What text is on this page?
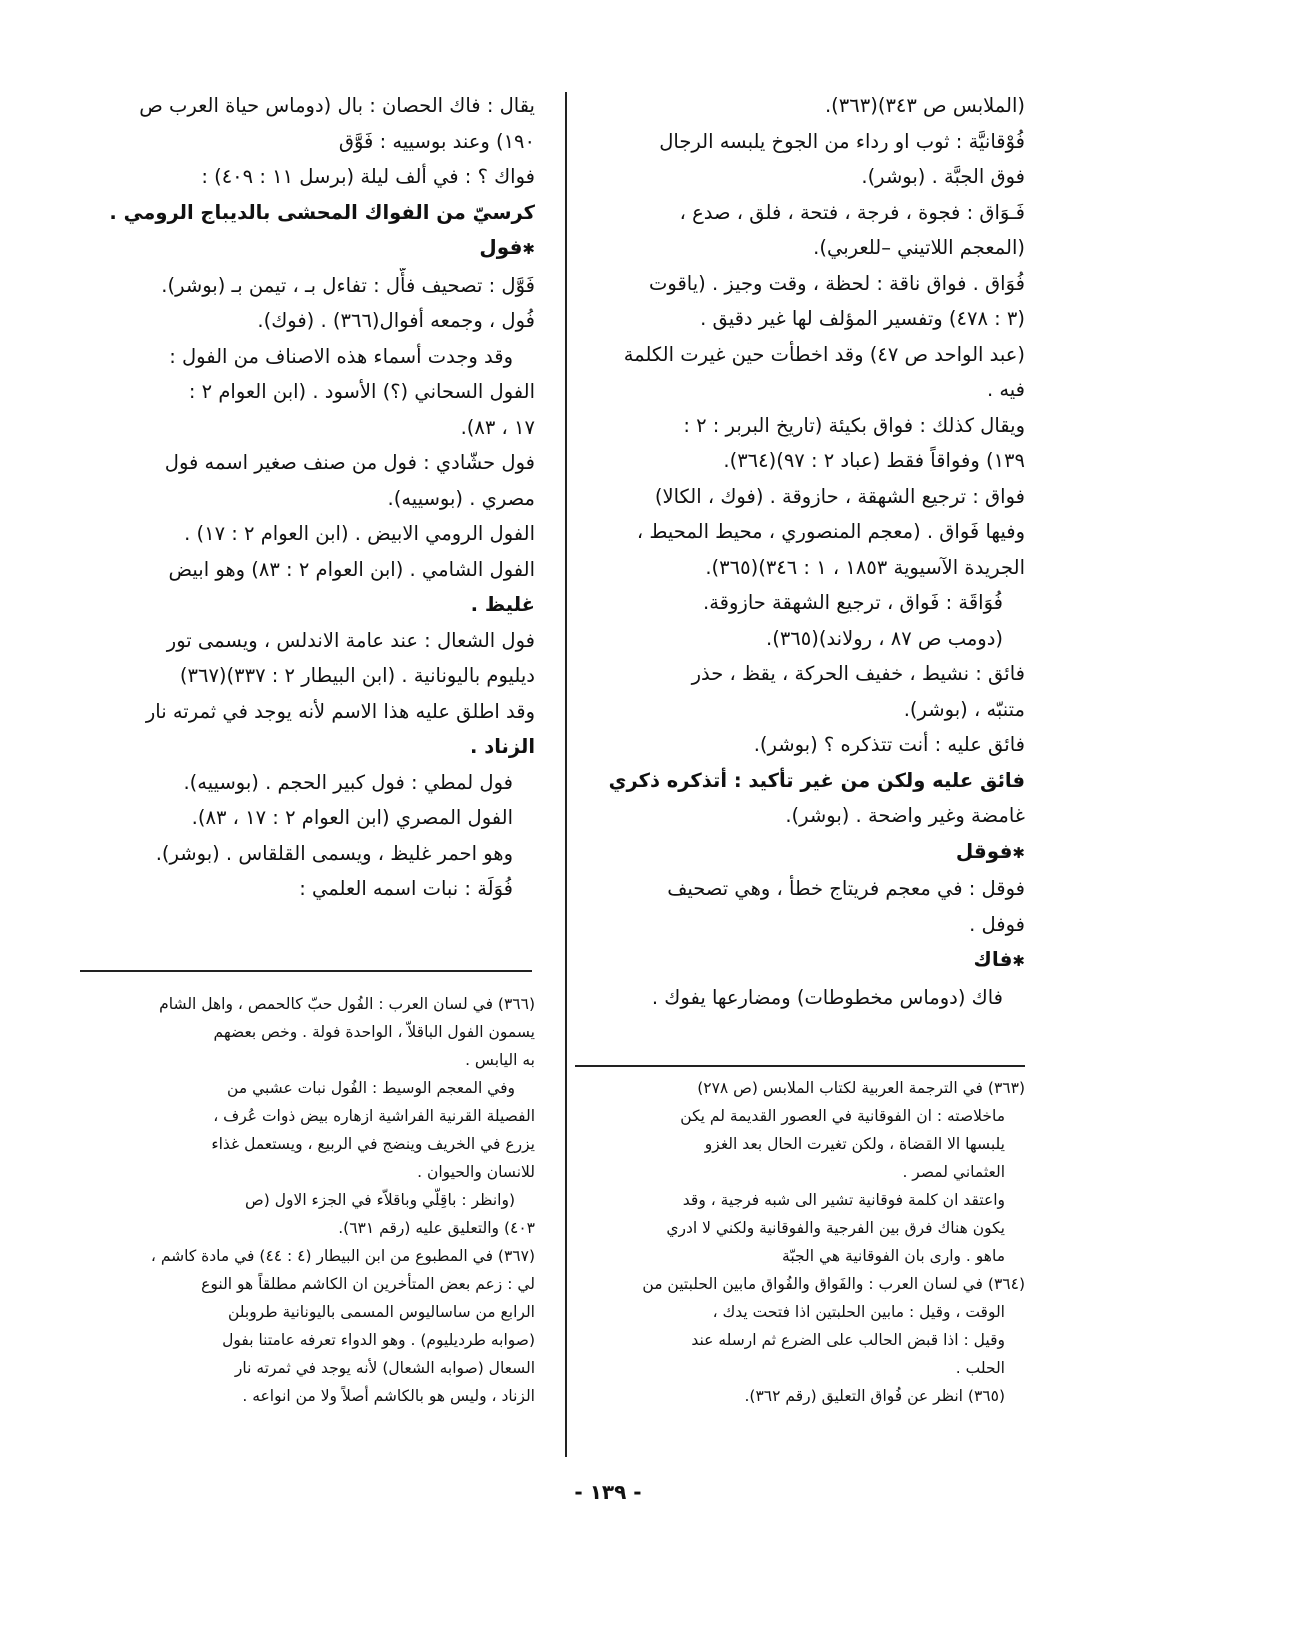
(الملابس ص ٣٤٣)(٣٦٣).
فُوْقانيَّة : ثوب او رداء من الجوخ يلبسه الرجال
فوق الجبَّة . (بوشر).
فَـوَاق : فجوة ، فرجة ، فتحة ، فلق ، صدع ،
(المعجم اللاتيني –للعربي).
فُوَاق . فواق ناقة : لحظة ، وقت وجيز . (ياقوت
(٣ : ٤٧٨) وتفسير المؤلف لها غير دقيق .
(عبد الواحد ص ٤٧) وقد اخطأت حين غيرت الكلمة
فيه .
ويقال كذلك : فواق بكيئة (تاريخ البربر : ٢ :
١٣٩) وفواقاً فقط (عباد ٢ : ٩٧)(٣٦٤).
فواق : ترجيع الشهقة ، حازوقة . (فوك ، الكالا)
وفيها فَواق . (معجم المنصوري ، محيط المحيط ،
الجريدة الآسيوية ١٨٥٣ ، ١ : ٣٤٦)(٣٦٥).
فُوَاقَة : فَواق ، ترجيع الشهقة حازوقة.
(دومب ص ٨٧ ، رولاند)(٣٦٥).
فائق : نشيط ، خفيف الحركة ، يقظ ، حذر
متنبّه ، (بوشر).
فائق عليه : أنت تتذكره ؟ (بوشر).
فائق عليه ولكن من غير تأكيد : أتذكره ذكري
غامضة وغير واضحة . (بوشر).
✱ فوقل
فوقل : في معجم فريتاج خطأ ، وهي تصحيف
فوفل .
✱ فاك
فاك (دوماس مخطوطات) ومضارعها يفوك .
يقال : فاك الحصان : بال (دوماس حياة العرب ص
١٩٠) وعند بوسييه : فَوَّق
فواك ؟ : في ألف ليلة (برسل ١١ : ٤٠٩) :
كرسيّ من الفواك المحشى بالديباج الرومي .
✱ فول
فَوَّل : تصحيف فأّل : تفاءل بـ ، تيمن بـ (بوشر).
فُول ، وجمعه أفوال(٣٦٦) . (فوك).
وقد وجدت أسماء هذه الاصناف من الفول :
الفول السحاني (؟) الأسود . (ابن العوام ٢ :
١٧ ، ٨٣).
فول حشّادي : فول من صنف صغير اسمه فول
مصري . (بوسييه).
الفول الرومي الابيض . (ابن العوام ٢ : ١٧) .
الفول الشامي . (ابن العوام ٢ : ٨٣) وهو ابيض
غليظ .
فول الشعال : عند عامة الاندلس ، ويسمى تور
ديليوم باليونانية . (ابن البيطار ٢ : ٣٣٧)(٣٦٧)
وقد اطلق عليه هذا الاسم لأنه يوجد في ثمرته نار
الزناد .
فول لمطي : فول كبير الحجم . (بوسييه).
الفول المصري (ابن العوام ٢ : ١٧ ، ٨٣).
وهو احمر غليظ ، ويسمى القلقاس . (بوشر).
فُوَلَة : نبات اسمه العلمي :
(٣٦٦) في لسان العرب : الفُول حبّ كالحمص ، واهل الشام
يسمون الفول الباقلاّ ، الواحدة فولة . وخص بعضهم
به اليابس .
وفي المعجم الوسيط : الفُول نبات عشبي من
الفصيلة القرنية الفراشية ازهاره بيض ذوات عُرف ،
يزرع في الخريف وينضج في الربيع ، ويستعمل غذاء
للانسان والحيوان .
(وانظر : باقِلّي وباقلاّء في الجزء الاول (ص
٤٠٣) والتعليق عليه (رقم ٦٣١).
(٣٦٧) في المطبوع من ابن البيطار (٤ : ٤٤) في مادة كاشم ،
لي : زعم بعض المتأخرين ان الكاشم مطلقاً هو النوع
الرابع من ساساليوس المسمى باليونانية طروبلن
(صوابه طرديليوم) . وهو الدواء تعرفه عامتنا بفول
السعال (صوابه الشعال) لأنه يوجد في ثمرته نار
الزناد ، وليس هو بالكاشم أصلاً ولا من انواعه .
(٣٦٣) في الترجمة العربية لكتاب الملابس (ص ٢٧٨)
ماخلاصته : ان الفوقانية في العصور القديمة لم يكن
يلبسها الا القضاة ، ولكن تغيرت الحال بعد الغزو
العثماني لمصر .
واعتقد ان كلمة فوقانية تشير الى شبه فرجية ، وقد
يكون هناك فرق بين الفرجية والفوقانية ولكني لا ادري
ماهو . وارى بان الفوقانية هي الجبّة
(٣٦٤) في لسان العرب : والفَواق والفُواق مابين الحلبتين من
الوقت ، وقيل : مابين الحلبتين اذا فتحت يدك ،
وقيل : اذا قبض الحالب على الضرع ثم ارسله عند
الحلب .
(٣٦٥) انظر عن فُواق التعليق (رقم ٣٦٢).
- ١٣٩ -
